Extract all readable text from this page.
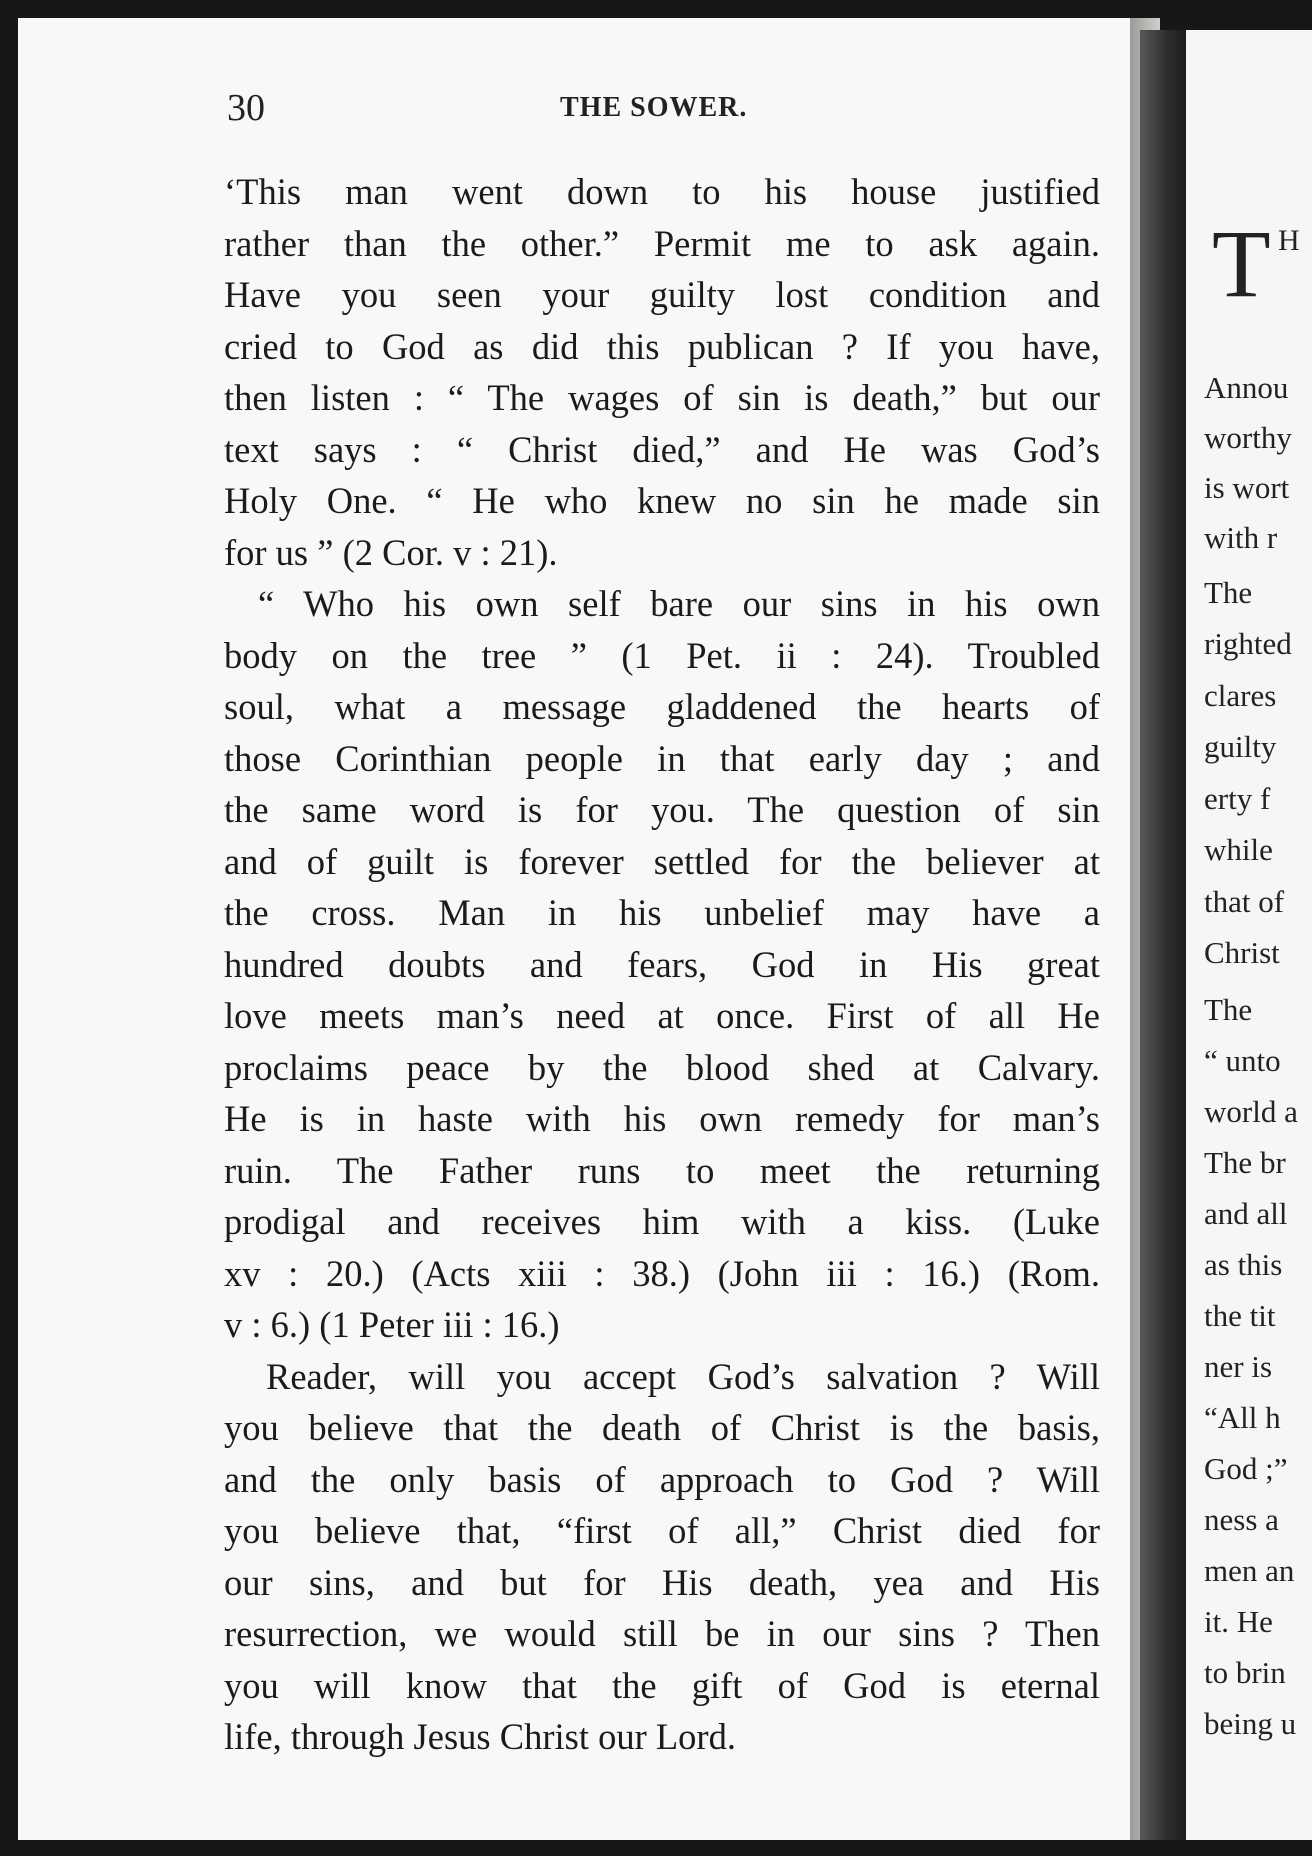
30	THE SOWER.
‘This man went down to his house justified
rather than the other.” Permit me to ask again.
Have you seen your guilty lost condition and
cried to God as did this publican ? If you have,
then listen : “ The wages of sin is death,” but our
text says : “ Christ died,” and He was God’s
Holy One. “ He who knew no sin he made sin
for us ” (2 Cor. v : 21).
“ Who his own self bare our sins in his own
body on the tree ” (1 Pet. ii : 24). Troubled
soul, what a message gladdened the hearts of
those Corinthian people in that early day ; and
the same word is for you. The question of sin
and of guilt is forever settled for the believer at
the cross. Man in his unbelief may have a
hundred doubts and fears, God in His great
love meets man’s need at once. First of all He
proclaims peace by the blood shed at Calvary.
He is in haste with his own remedy for man’s
ruin. The Father runs to meet the returning
prodigal and receives him with a kiss. (Luke
xv : 20.) (Acts xiii : 38.) (John iii : 16.) (Rom.
v : 6.) (1 Peter iii : 16.)
Reader, will you accept God’s salvation ? Will
you believe that the death of Christ is the basis,
and the only basis of approach to God ? Will
you believe that, “first of all,” Christ died for
our sins, and but for His death, yea and His
resurrection, we would still be in our sins ? Then
you will know that the gift of God is eternal
life, through Jesus Christ our Lord.
T H
Annou
worthy
is wort
with r
The
righted
clares
guilty
erty f
while
that of
Christ
The
“ unto
world a
The br
and all
as this
the tit
ner is
“All h
God ;”
ness a
men an
it. He
to brin
being u
